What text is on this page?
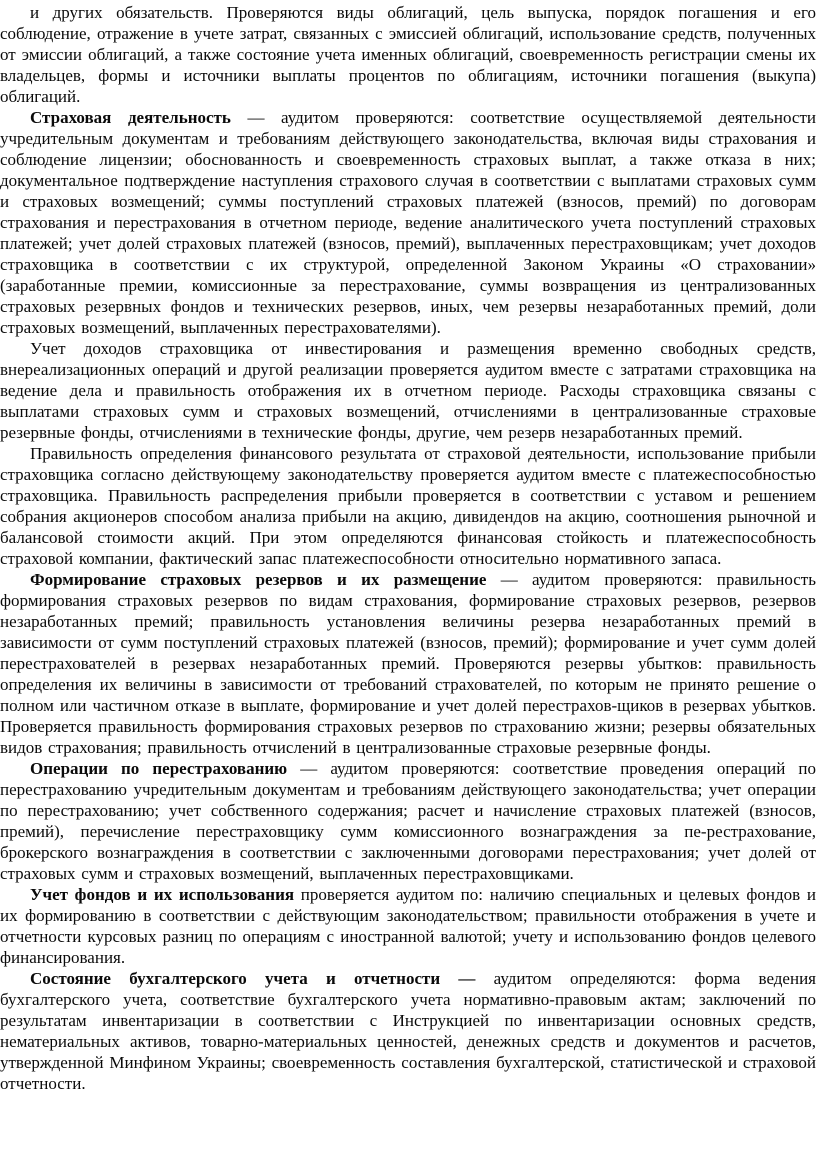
и других обязательств. Проверяются виды облигаций, цель выпуска, порядок погашения и его соблюдение, отражение в учете затрат, связанных с эмиссией облигаций, использование средств, полученных от эмиссии облигаций, а также состояние учета именных облигаций, своевременность регистрации смены их владельцев, формы и источники выплаты процентов по облигациям, источники погашения (выкупа) облигаций.

Страховая деятельность — аудитом проверяются: соответствие осуществляемой деятельности учредительным документам и требованиям действующего законодательства, включая виды страхования и соблюдение лицензии; обоснованность и своевременность страховых выплат, а также отказа в них; документальное подтверждение наступления страхового случая в соответствии с выплатами страховых сумм и страховых возмещений; суммы поступлений страховых платежей (взносов, премий) по договорам страхования и перестрахования в отчетном периоде, ведение аналитического учета поступлений страховых платежей; учет долей страховых платежей (взносов, премий), выплаченных перестраховщикам; учет доходов страховщика в соответствии с их структурой, определенной Законом Украины «О страховании» (заработанные премии, комиссионные за перестрахование, суммы возвращения из централизованных страховых резервных фондов и технических резервов, иных, чем резервы незаработанных премий, доли страховых возмещений, выплаченных перестрахователями).

Учет доходов страховщика от инвестирования и размещения временно свободных средств, внереализационных операций и другой реализации проверяется аудитом вместе с затратами страховщика на ведение дела и правильность отображения их в отчетном периоде. Расходы страховщика связаны с выплатами страховых сумм и страховых возмещений, отчислениями в централизованные страховые резервные фонды, отчислениями в технические фонды, другие, чем резерв незаработанных премий.

Правильность определения финансового результата от страховой деятельности, использование прибыли страховщика согласно действующему законодательству проверяется аудитом вместе с платежеспособностью страховщика. Правильность распределения прибыли проверяется в соответствии с уставом и решением собрания акционеров способом анализа прибыли на акцию, дивидендов на акцию, соотношения рыночной и балансовой стоимости акций. При этом определяются финансовая стойкость и платежеспособность страховой компании, фактический запас платежеспособности относительно нормативного запаса.

Формирование страховых резервов и их размещение — аудитом проверяются: правильность формирования страховых резервов по видам страхования, формирование страховых резервов, резервов незаработанных премий; правильность установления величины резерва незаработанных премий в зависимости от сумм поступлений страховых платежей (взносов, премий); формирование и учет сумм долей перестрахователей в резервах незаработанных премий. Проверяются резервы убытков: правильность определения их величины в зависимости от требований страхователей, по которым не принято решение о полном или частичном отказе в выплате, формирование и учет долей перестрахов-щиков в резервах убытков. Проверяется правильность формирования страховых резервов по страхованию жизни; резервы обязательных видов страхования; правильность отчислений в централизованные страховые резервные фонды.

Операции по перестрахованию — аудитом проверяются: соответствие проведения операций по перестрахованию учредительным документам и требованиям действующего законодательства; учет операции по перестрахованию; учет собственного содержания; расчет и начисление страховых платежей (взносов, премий), перечисление перестраховщику сумм комиссионного вознаграждения за пе-рестрахование, брокерского вознаграждения в соответствии с заключенными договорами перестрахования; учет долей от страховых сумм и страховых возмещений, выплаченных перестраховщиками.

Учет фондов и их использования проверяется аудитом по: наличию специальных и целевых фондов и их формированию в соответствии с действующим законодательством; правильности отображения в учете и отчетности курсовых разниц по операциям с иностранной валютой; учету и использованию фондов целевого финансирования.

Состояние бухгалтерского учета и отчетности — аудитом определяются: форма ведения бухгалтерского учета, соответствие бухгалтерского учета нормативно-правовым актам; заключений по результатам инвентаризации в соответствии с Инструкцией по инвентаризации основных средств, нематериальных активов, товарно-материальных ценностей, денежных средств и документов и расчетов, утвержденной Минфином Украины; своевременность составления бухгалтерской, статистической и страховой отчетности.
